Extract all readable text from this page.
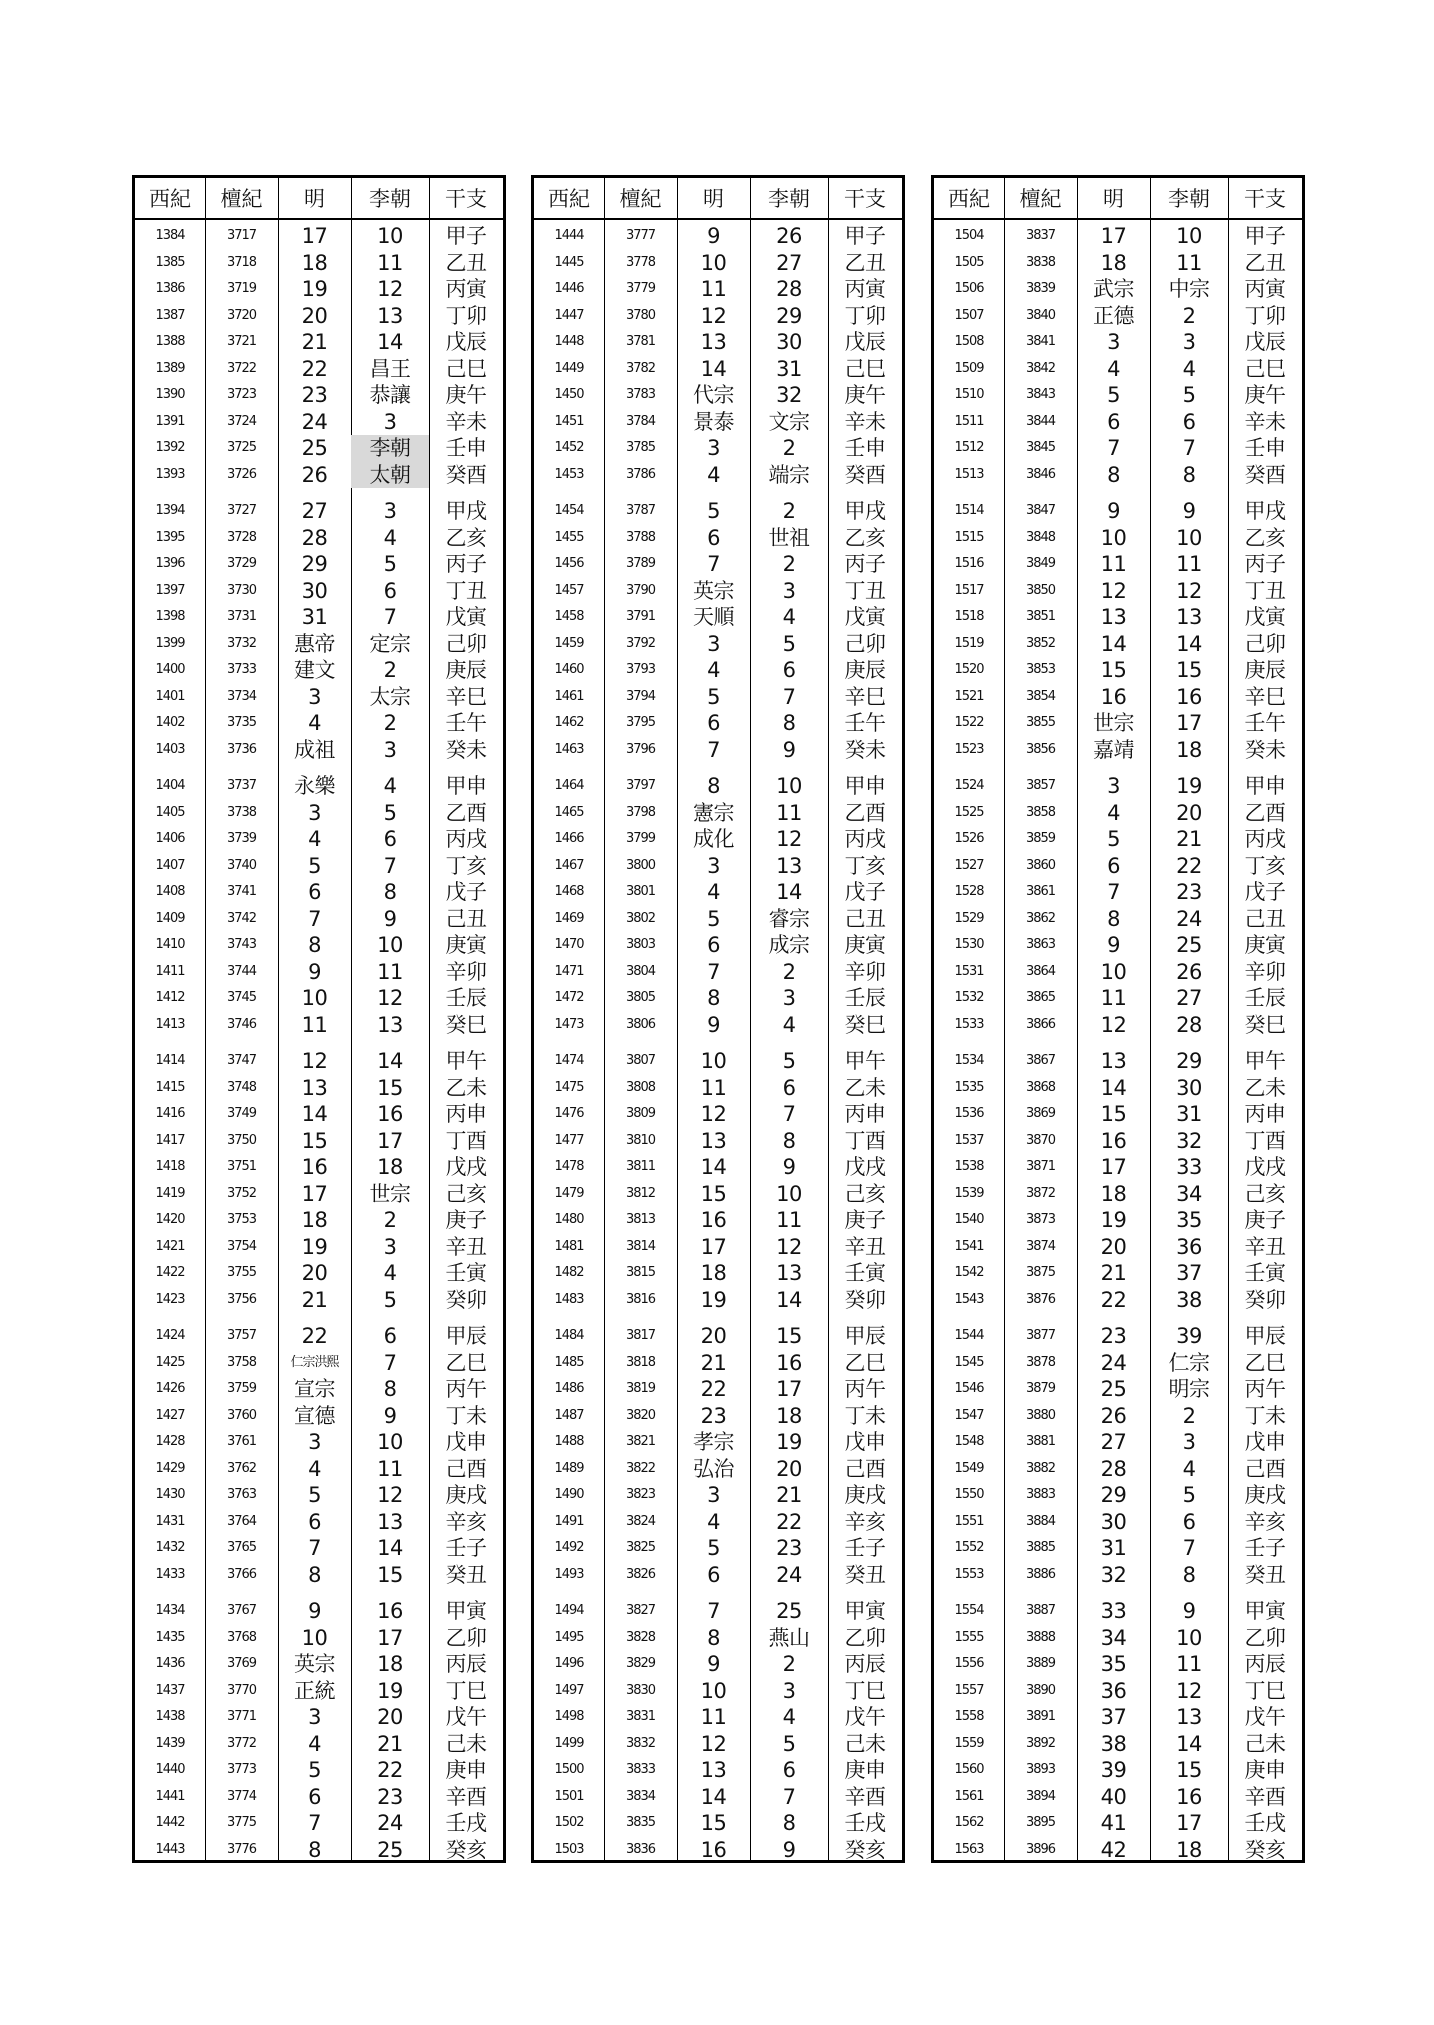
西紀	檀紀	明	李朝	干支
1384	3717	17	10	甲子
1385	3718	18	11	乙丑
1386	3719	19	12	丙寅
1387	3720	20	13	丁卯
1388	3721	21	14	戊辰
1389	3722	22	昌王	己巳
1390	3723	23	恭讓	庚午
1391	3724	24	3	辛未
1392	3725	25	李朝	壬申
1393	3726	26	太朝	癸酉
1394	3727	27	3	甲戌
1395	3728	28	4	乙亥
1396	3729	29	5	丙子
1397	3730	30	6	丁丑
1398	3731	31	7	戊寅
1399	3732	惠帝	定宗	己卯
1400	3733	建文	2	庚辰
1401	3734	3	太宗	辛巳
1402	3735	4	2	壬午
1403	3736	成祖	3	癸未
1404	3737	永樂	4	甲申
1405	3738	3	5	乙酉
1406	3739	4	6	丙戌
1407	3740	5	7	丁亥
1408	3741	6	8	戊子
1409	3742	7	9	己丑
1410	3743	8	10	庚寅
1411	3744	9	11	辛卯
1412	3745	10	12	壬辰
1413	3746	11	13	癸巳
1414	3747	12	14	甲午
1415	3748	13	15	乙未
1416	3749	14	16	丙申
1417	3750	15	17	丁酉
1418	3751	16	18	戊戌
1419	3752	17	世宗	己亥
1420	3753	18	2	庚子
1421	3754	19	3	辛丑
1422	3755	20	4	壬寅
1423	3756	21	5	癸卯
1424	3757	22	6	甲辰
1425	3758	仁宗洪熙	7	乙巳
1426	3759	宣宗	8	丙午
1427	3760	宣德	9	丁未
1428	3761	3	10	戊申
1429	3762	4	11	己酉
1430	3763	5	12	庚戌
1431	3764	6	13	辛亥
1432	3765	7	14	壬子
1433	3766	8	15	癸丑
1434	3767	9	16	甲寅
1435	3768	10	17	乙卯
1436	3769	英宗	18	丙辰
1437	3770	正統	19	丁巳
1438	3771	3	20	戊午
1439	3772	4	21	己未
1440	3773	5	22	庚申
1441	3774	6	23	辛酉
1442	3775	7	24	壬戌
1443	3776	8	25	癸亥
西紀	檀紀	明	李朝	干支
1444	3777	9	26	甲子
1445	3778	10	27	乙丑
1446	3779	11	28	丙寅
1447	3780	12	29	丁卯
1448	3781	13	30	戊辰
1449	3782	14	31	己巳
1450	3783	代宗	32	庚午
1451	3784	景泰	文宗	辛未
1452	3785	3	2	壬申
1453	3786	4	端宗	癸酉
1454	3787	5	2	甲戌
1455	3788	6	世祖	乙亥
1456	3789	7	2	丙子
1457	3790	英宗	3	丁丑
1458	3791	天順	4	戊寅
1459	3792	3	5	己卯
1460	3793	4	6	庚辰
1461	3794	5	7	辛巳
1462	3795	6	8	壬午
1463	3796	7	9	癸未
1464	3797	8	10	甲申
1465	3798	憲宗	11	乙酉
1466	3799	成化	12	丙戌
1467	3800	3	13	丁亥
1468	3801	4	14	戊子
1469	3802	5	睿宗	己丑
1470	3803	6	成宗	庚寅
1471	3804	7	2	辛卯
1472	3805	8	3	壬辰
1473	3806	9	4	癸巳
1474	3807	10	5	甲午
1475	3808	11	6	乙未
1476	3809	12	7	丙申
1477	3810	13	8	丁酉
1478	3811	14	9	戊戌
1479	3812	15	10	己亥
1480	3813	16	11	庚子
1481	3814	17	12	辛丑
1482	3815	18	13	壬寅
1483	3816	19	14	癸卯
1484	3817	20	15	甲辰
1485	3818	21	16	乙巳
1486	3819	22	17	丙午
1487	3820	23	18	丁未
1488	3821	孝宗	19	戊申
1489	3822	弘治	20	己酉
1490	3823	3	21	庚戌
1491	3824	4	22	辛亥
1492	3825	5	23	壬子
1493	3826	6	24	癸丑
1494	3827	7	25	甲寅
1495	3828	8	燕山	乙卯
1496	3829	9	2	丙辰
1497	3830	10	3	丁巳
1498	3831	11	4	戊午
1499	3832	12	5	己未
1500	3833	13	6	庚申
1501	3834	14	7	辛酉
1502	3835	15	8	壬戌
1503	3836	16	9	癸亥
西紀	檀紀	明	李朝	干支
1504	3837	17	10	甲子
1505	3838	18	11	乙丑
1506	3839	武宗	中宗	丙寅
1507	3840	正德	2	丁卯
1508	3841	3	3	戊辰
1509	3842	4	4	己巳
1510	3843	5	5	庚午
1511	3844	6	6	辛未
1512	3845	7	7	壬申
1513	3846	8	8	癸酉
1514	3847	9	9	甲戌
1515	3848	10	10	乙亥
1516	3849	11	11	丙子
1517	3850	12	12	丁丑
1518	3851	13	13	戊寅
1519	3852	14	14	己卯
1520	3853	15	15	庚辰
1521	3854	16	16	辛巳
1522	3855	世宗	17	壬午
1523	3856	嘉靖	18	癸未
1524	3857	3	19	甲申
1525	3858	4	20	乙酉
1526	3859	5	21	丙戌
1527	3860	6	22	丁亥
1528	3861	7	23	戊子
1529	3862	8	24	己丑
1530	3863	9	25	庚寅
1531	3864	10	26	辛卯
1532	3865	11	27	壬辰
1533	3866	12	28	癸巳
1534	3867	13	29	甲午
1535	3868	14	30	乙未
1536	3869	15	31	丙申
1537	3870	16	32	丁酉
1538	3871	17	33	戊戌
1539	3872	18	34	己亥
1540	3873	19	35	庚子
1541	3874	20	36	辛丑
1542	3875	21	37	壬寅
1543	3876	22	38	癸卯
1544	3877	23	39	甲辰
1545	3878	24	仁宗	乙巳
1546	3879	25	明宗	丙午
1547	3880	26	2	丁未
1548	3881	27	3	戊申
1549	3882	28	4	己酉
1550	3883	29	5	庚戌
1551	3884	30	6	辛亥
1552	3885	31	7	壬子
1553	3886	32	8	癸丑
1554	3887	33	9	甲寅
1555	3888	34	10	乙卯
1556	3889	35	11	丙辰
1557	3890	36	12	丁巳
1558	3891	37	13	戊午
1559	3892	38	14	己未
1560	3893	39	15	庚申
1561	3894	40	16	辛酉
1562	3895	41	17	壬戌
1563	3896	42	18	癸亥
